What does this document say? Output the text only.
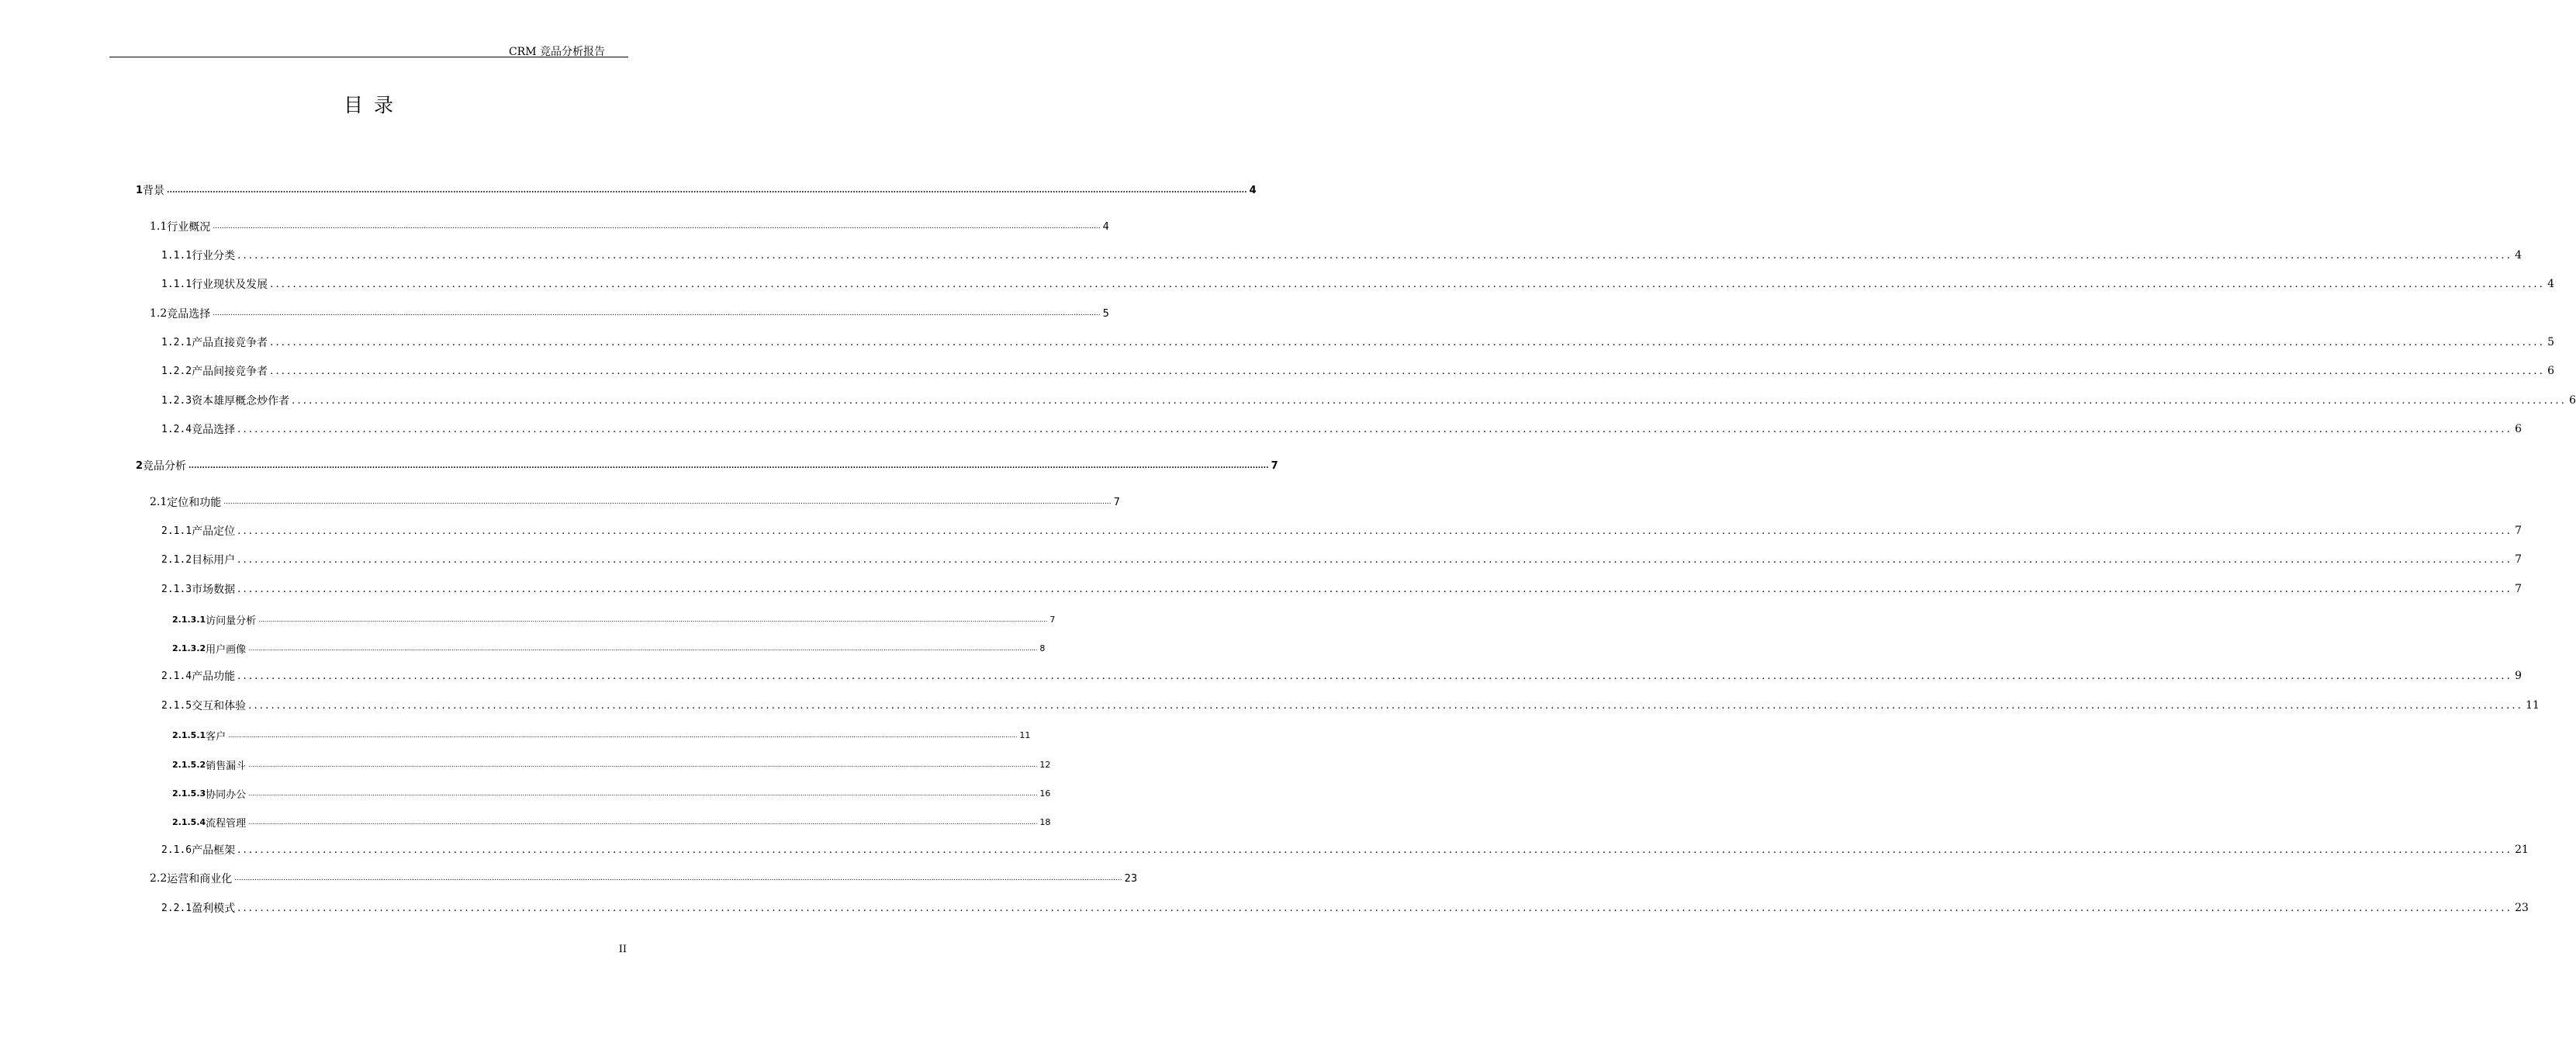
CRM 竞品分析报告
目录
1 背景 ................................................................................................................................................................................................................................................................................................................................................................................................................ 4
1.1 行业概况 ................................................................................................................................................................................................................................................................................................................................................................................................................ 4
1.1.1 行业分类 ................................................................................................................................................................................................................................................................................................................................................................................................................ 4
1.1.1 行业现状及发展 ................................................................................................................................................................................................................................................................................................................................................................................................................ 4
1.2 竞品选择 ................................................................................................................................................................................................................................................................................................................................................................................................................ 5
1.2.1 产品直接竞争者 ................................................................................................................................................................................................................................................................................................................................................................................................................ 5
1.2.2 产品间接竞争者 ................................................................................................................................................................................................................................................................................................................................................................................................................ 6
1.2.3 资本雄厚概念炒作者 ................................................................................................................................................................................................................................................................................................................................................................................................................ 6
1.2.4 竞品选择 ................................................................................................................................................................................................................................................................................................................................................................................................................ 6
2 竞品分析 ................................................................................................................................................................................................................................................................................................................................................................................................................ 7
2.1 定位和功能 ................................................................................................................................................................................................................................................................................................................................................................................................................ 7
2.1.1 产品定位 ................................................................................................................................................................................................................................................................................................................................................................................................................ 7
2.1.2 目标用户 ................................................................................................................................................................................................................................................................................................................................................................................................................ 7
2.1.3 市场数据 ................................................................................................................................................................................................................................................................................................................................................................................................................ 7
2.1.3.1 访问量分析 ................................................................................................................................................................................................................................................................................................................................................................................................................ 7
2.1.3.2 用户画像 ................................................................................................................................................................................................................................................................................................................................................................................................................ 8
2.1.4 产品功能 ................................................................................................................................................................................................................................................................................................................................................................................................................ 9
2.1.5 交互和体验 ................................................................................................................................................................................................................................................................................................................................................................................................................ 11
2.1.5.1 客户 ................................................................................................................................................................................................................................................................................................................................................................................................................ 11
2.1.5.2 销售漏斗 ................................................................................................................................................................................................................................................................................................................................................................................................................ 12
2.1.5.3 协同办公 ................................................................................................................................................................................................................................................................................................................................................................................................................ 16
2.1.5.4 流程管理 ................................................................................................................................................................................................................................................................................................................................................................................................................ 18
2.1.6 产品框架 ................................................................................................................................................................................................................................................................................................................................................................................................................ 21
2.2 运营和商业化 ................................................................................................................................................................................................................................................................................................................................................................................................................ 23
2.2.1 盈利模式 ................................................................................................................................................................................................................................................................................................................................................................................................................ 23
II
